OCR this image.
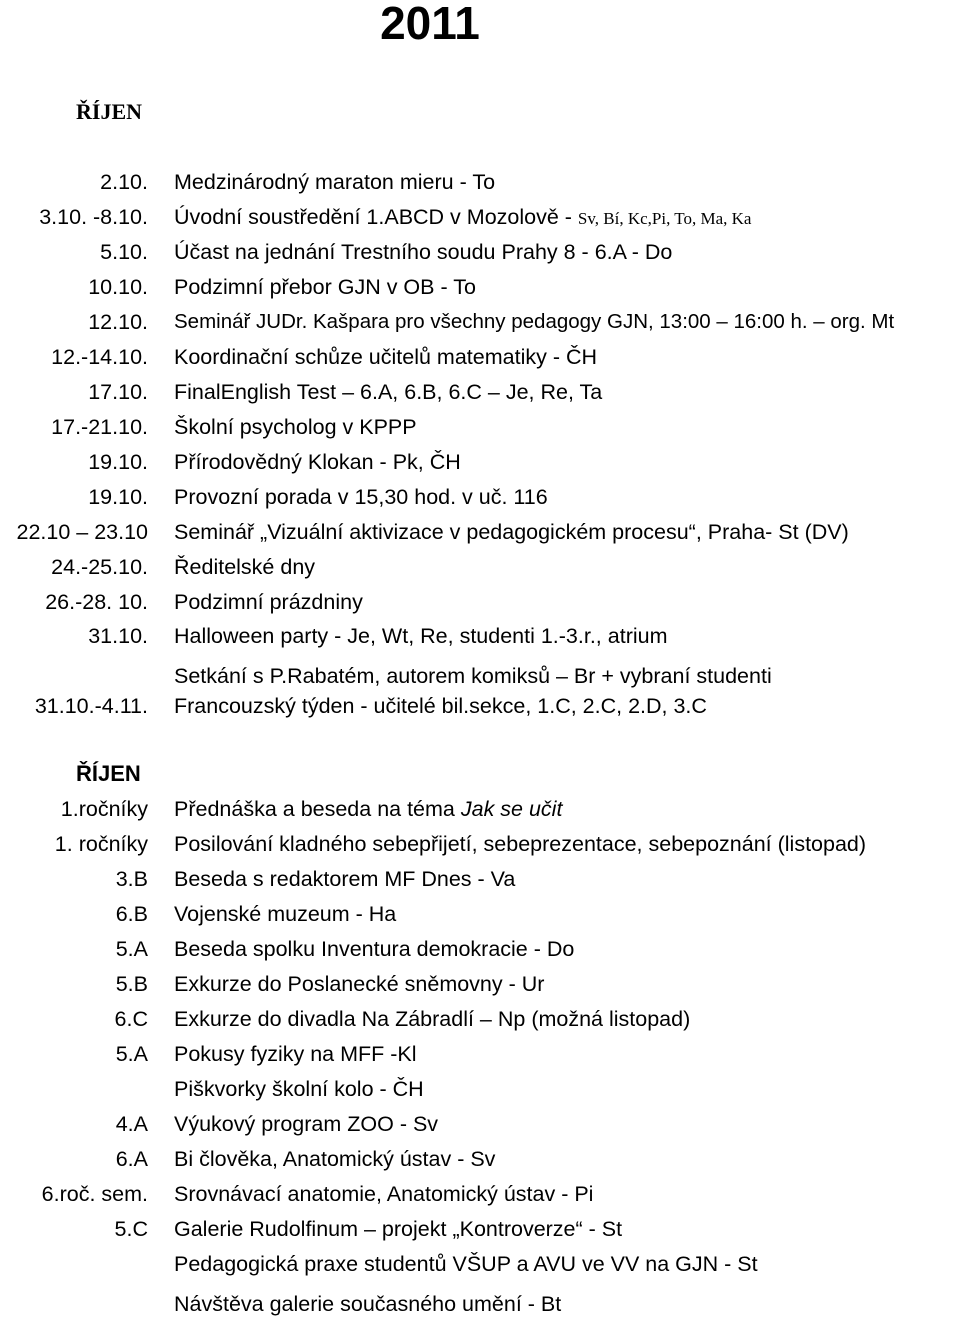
2011
ŘÍJEN
2.10. Medzinárodný maraton mieru - To
3.10. -8.10. Úvodní soustředění 1.ABCD v Mozolově - Sv, Bí, Kc,Pi, To, Ma, Ka
5.10. Účast na jednání Trestního soudu Prahy 8 - 6.A - Do
10.10. Podzimní přebor GJN v OB - To
12.10. Seminář JUDr. Kašpara pro všechny pedagogy GJN, 13:00 – 16:00 h. – org. Mt
12.-14.10. Koordinační schůze učitelů matematiky - ČH
17.10. FinalEnglish Test – 6.A, 6.B, 6.C – Je, Re, Ta
17.-21.10. Školní psycholog v KPPP
19.10. Přírodovědný Klokan - Pk, ČH
19.10. Provozní porada v 15,30 hod. v uč. 116
22.10 – 23.10 Seminář „Vizuální aktivizace v pedagogickém procesu“, Praha- St (DV)
24.-25.10. Ředitelské dny
26.-28. 10. Podzimní prázdniny
31.10. Halloween party - Je, Wt, Re, studenti 1.-3.r., atrium
Setkání s P.Rabatém, autorem komiksů – Br + vybraní studenti
31.10.-4.11. Francouzský týden - učitelé bil.sekce, 1.C, 2.C, 2.D, 3.C
ŘÍJEN
1.ročníky Přednáška a beseda na téma Jak se učit
1. ročníky Posilování kladného sebepřijetí, sebeprezentace, sebepoznání (listopad)
3.B Beseda s redaktorem MF Dnes - Va
6.B Vojenské muzeum - Ha
5.A Beseda spolku Inventura demokracie - Do
5.B Exkurze do Poslanecké sněmovny - Ur
6.C Exkurze do divadla Na Zábradlí – Np (možná listopad)
5.A Pokusy fyziky na MFF -Kl
Piškvorky školní kolo - ČH
4.A Výukový program ZOO - Sv
6.A Bi člověka, Anatomický ústav - Sv
6.roč. sem. Srovnávací anatomie, Anatomický ústav - Pi
5.C Galerie Rudolfinum – projekt „Kontroverze“ - St
Pedagogická praxe studentů VŠUP a AVU ve VV na GJN - St
Návštěva galerie současného umění - Bt
